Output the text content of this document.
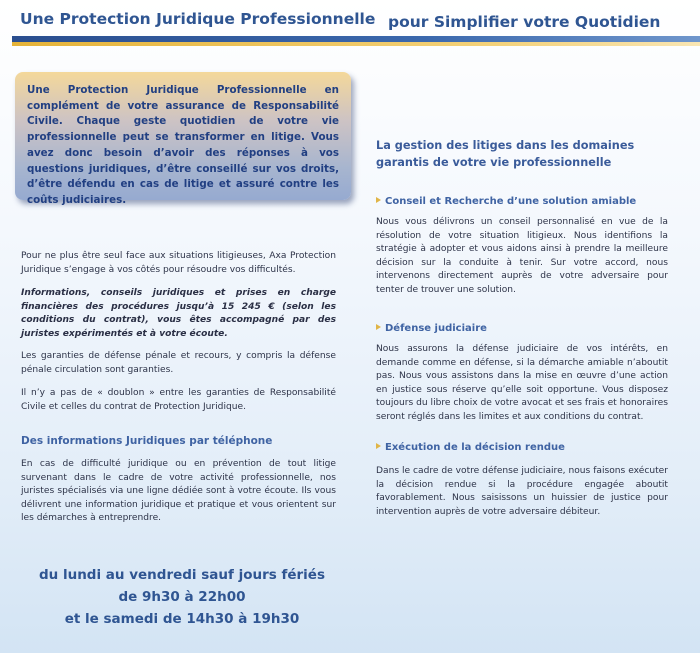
Une Protection Juridique Professionnelle pour Simplifier votre Quotidien

Une Protection Juridique Professionnelle en complément de votre assurance de Responsabilité Civile. Chaque geste quotidien de votre vie professionnelle peut se transformer en litige. Vous avez donc besoin d’avoir des réponses à vos questions juridiques, d’être conseillé sur vos droits, d’être défendu en cas de litige et assuré contre les coûts judiciaires.

Pour ne plus être seul face aux situations litigieuses, Axa Protection Juridique s’engage à vos côtés pour résoudre vos difficultés.

Informations, conseils juridiques et prises en charge financières des procédures jusqu’à 15 245 € (selon les conditions du contrat), vous êtes accompagné par des juristes expérimentés et à votre écoute.

Les garanties de défense pénale et recours, y compris la défense pénale circulation sont garanties.

Il n’y a pas de « doublon » entre les garanties de Responsabilité Civile et celles du contrat de Protection Juridique.

Des informations Juridiques par téléphone

En cas de difficulté juridique ou en prévention de tout litige survenant dans le cadre de votre activité professionnelle, nos juristes spécialisés via une ligne dédiée sont à votre écoute. Ils vous délivrent une information juridique et pratique et vous orientent sur les démarches à entreprendre.

du lundi au vendredi sauf jours fériés

de 9h30 à 22h00

et le samedi de 14h30 à 19h30

La gestion des litiges dans les domaines garantis de votre vie professionnelle
Conseil et Recherche d’une solution amiable

Nous vous délivrons un conseil personnalisé en vue de la résolution de votre situation litigieux. Nous identifions la stratégie à adopter et vous aidons ainsi à prendre la meilleure décision sur la conduite à tenir. Sur votre accord, nous intervenons directement auprès de votre adversaire pour tenter de trouver une solution.

Défense judiciaire

Nous assurons la défense judiciaire de vos intérêts, en demande comme en défense, si la démarche amiable n’aboutit pas. Nous vous assistons dans la mise en œuvre d’une action en justice sous réserve qu’elle soit opportune. Vous disposez toujours du libre choix de votre avocat et ses frais et honoraires seront réglés dans les limites et aux conditions du contrat.

Exécution de la décision rendue

Dans le cadre de votre défense judiciaire, nous faisons exécuter la décision rendue si la procédure engagée aboutit favorablement. Nous saisissons un huissier de justice pour intervention auprès de votre adversaire débiteur.
